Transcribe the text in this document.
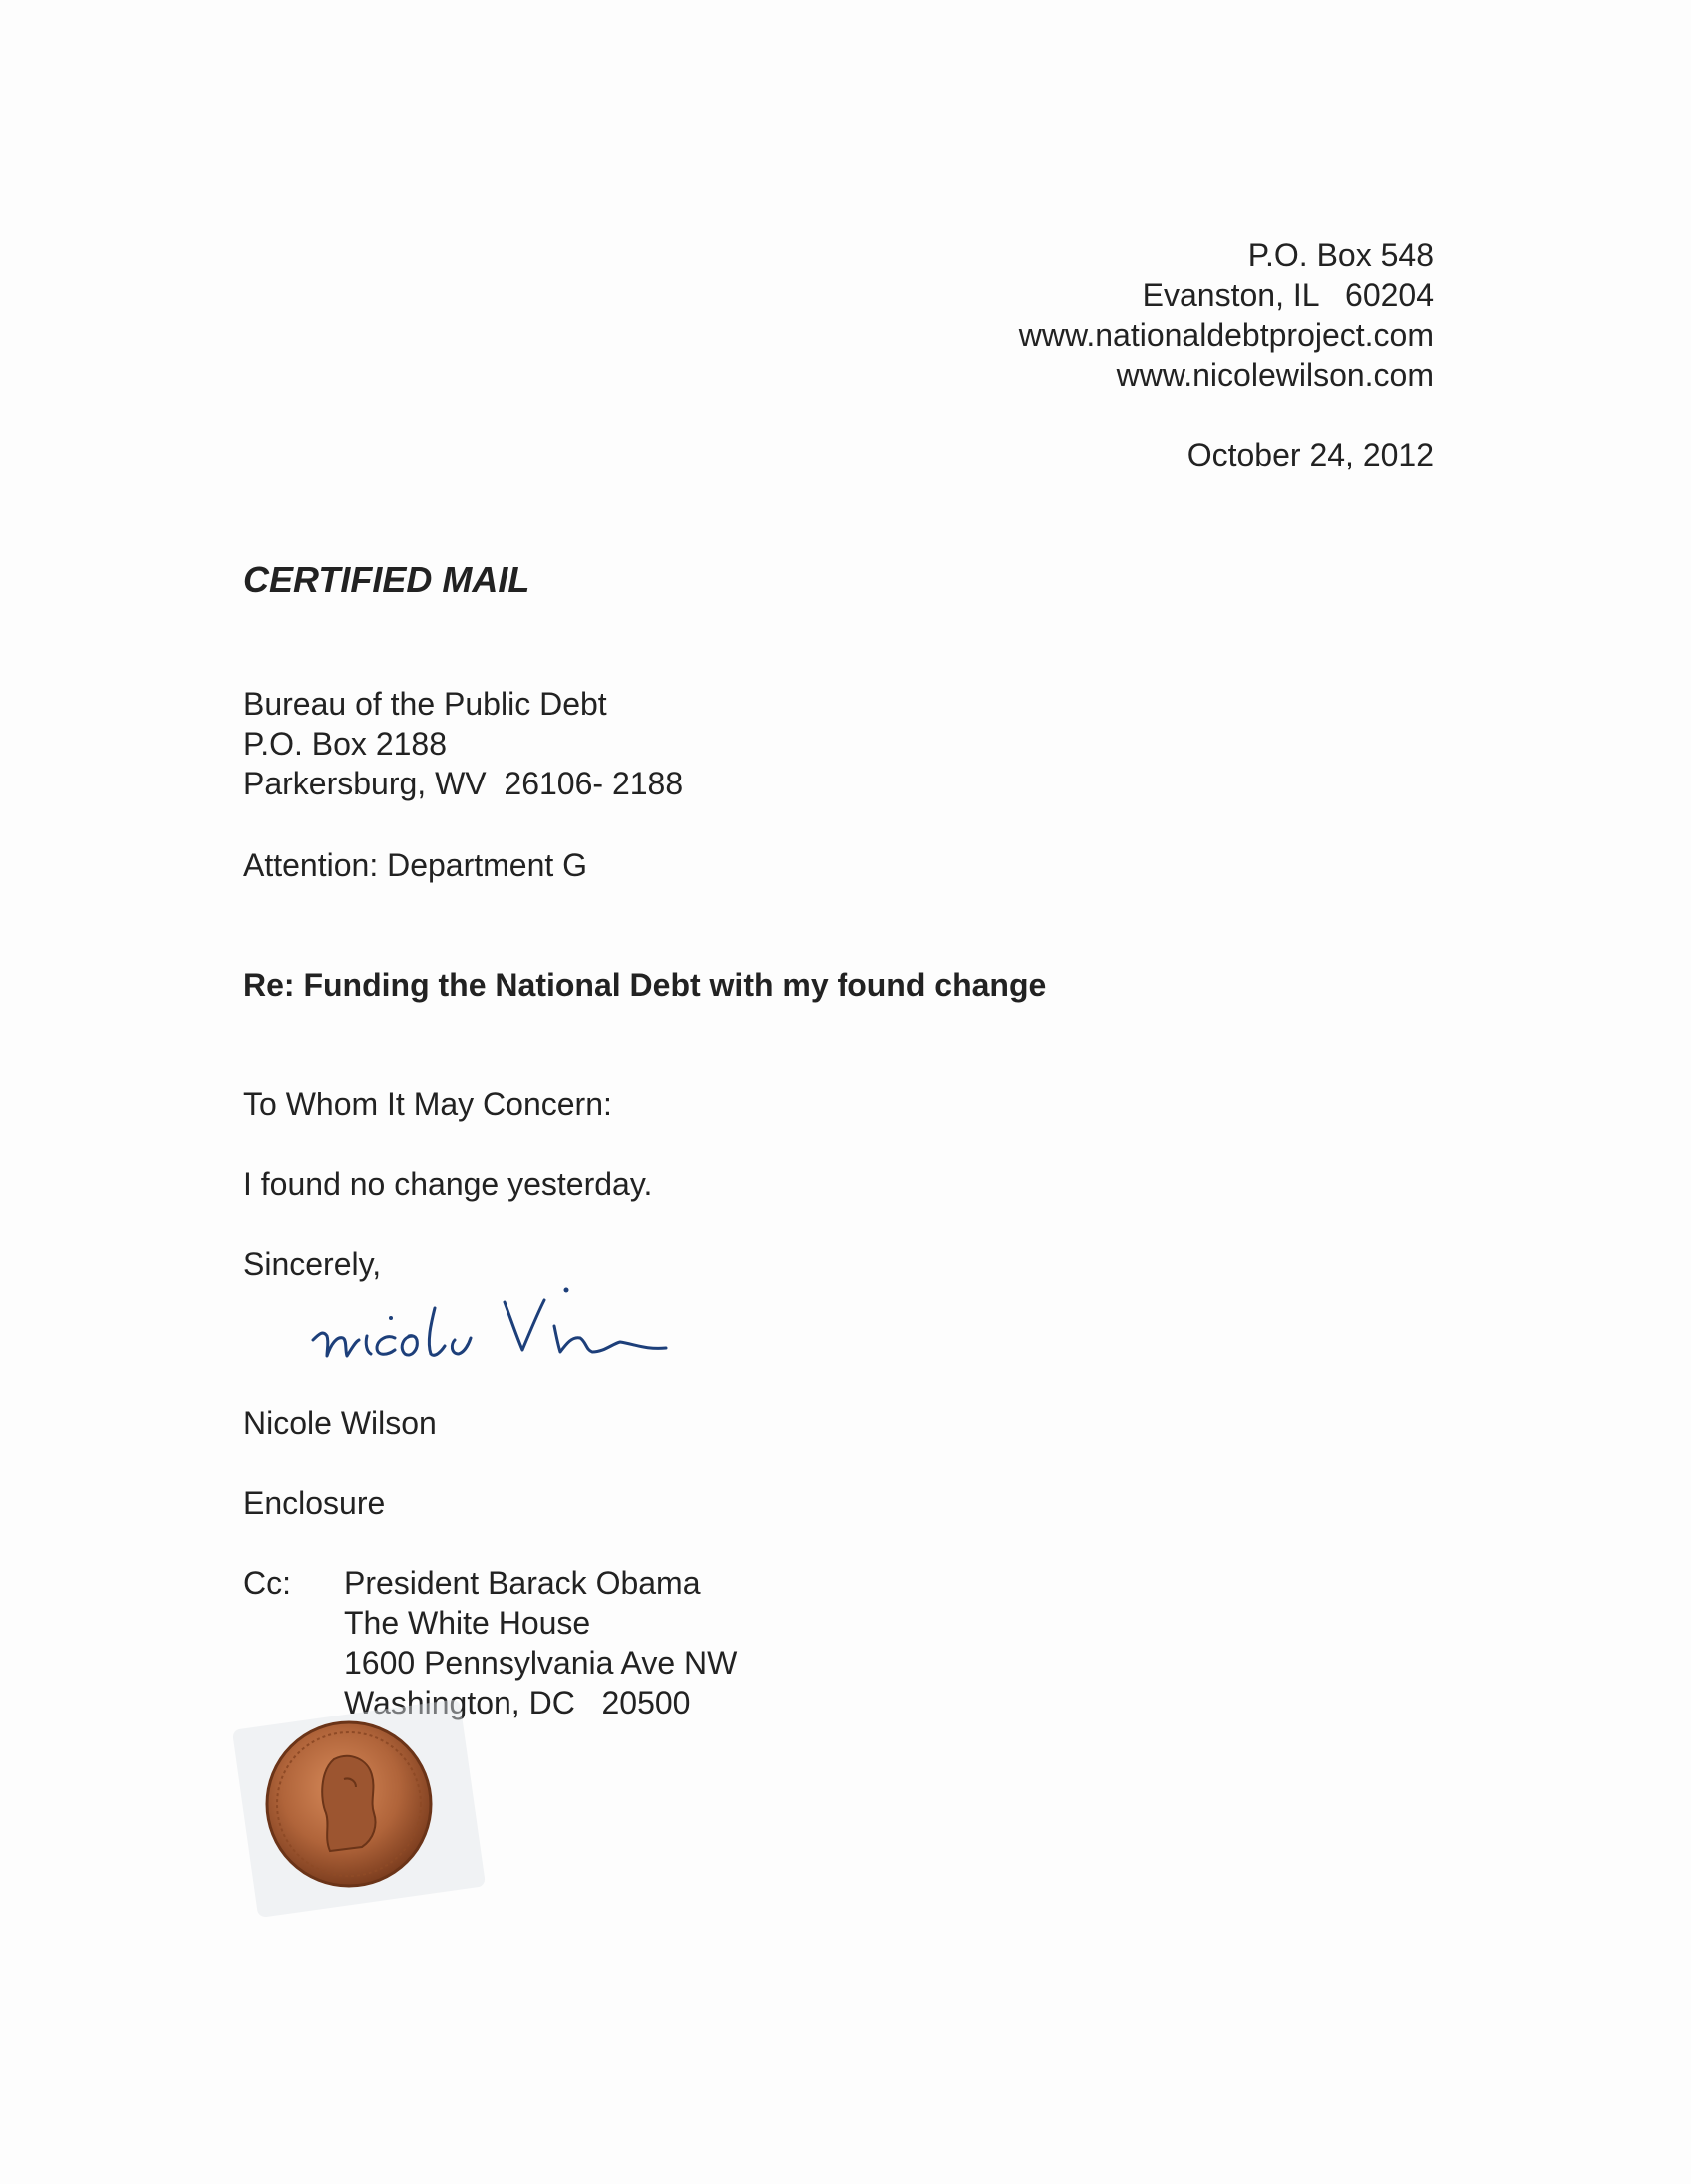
P.O. Box 548
Evanston, IL   60204
www.nationaldebtproject.com
www.nicolewilson.com
October 24, 2012
CERTIFIED MAIL
Bureau of the Public Debt
P.O. Box 2188
Parkersburg, WV  26106- 2188
Attention: Department G
Re: Funding the National Debt with my found change
To Whom It May Concern:
I found no change yesterday.
Sincerely,
Nicole Wilson
Enclosure
Cc: President Barack Obama
The White House
1600 Pennsylvania Ave NW
Washington, DC   20500
